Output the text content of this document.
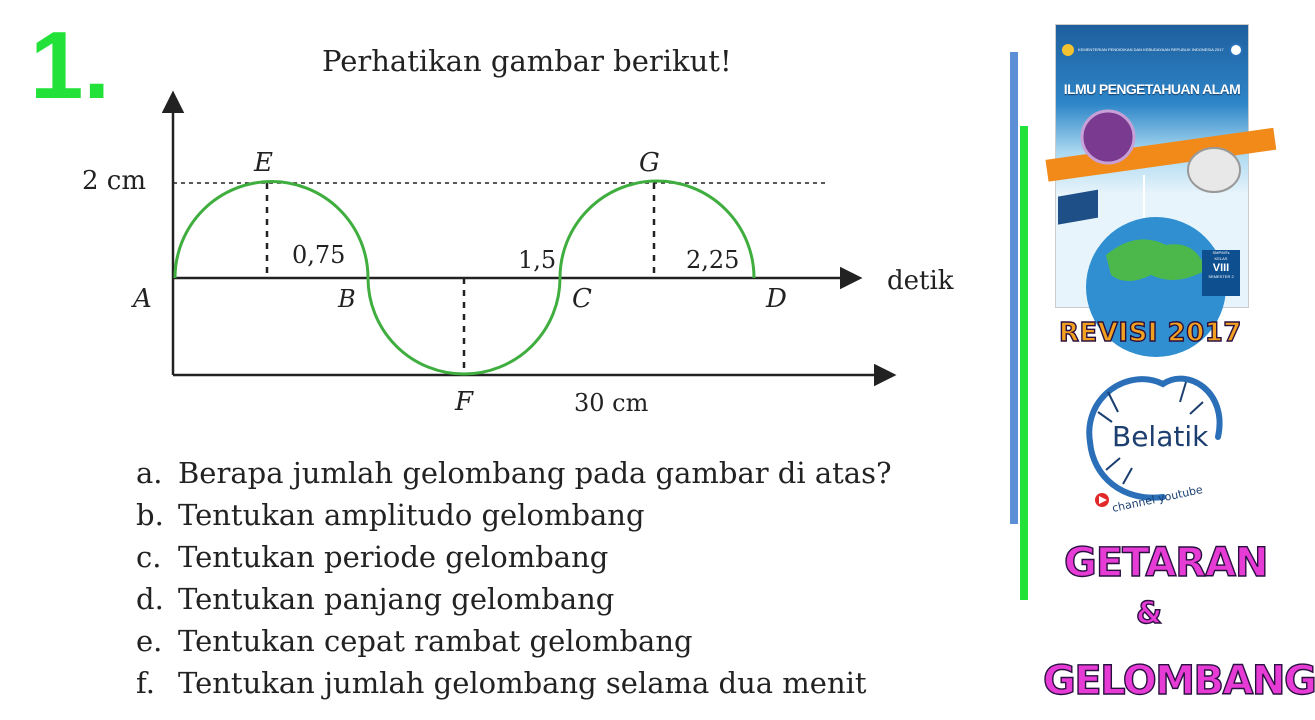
1.	Perhatikan gambar berikut!
2 cm
E	G
0,75	1,5	2,25
A	B	C	D
detik
F	30 cm
a. Berapa jumlah gelombang pada gambar di atas?
b. Tentukan amplitudo gelombang
c. Tentukan periode gelombang
d. Tentukan panjang gelombang
e. Tentukan cepat rambat gelombang
f. Tentukan jumlah gelombang selama dua menit
KEMENTERIAN PENDIDIKAN DAN KEBUDAYAAN REPUBLIK INDONESIA 2017
ILMU PENGETAHUAN ALAM
SMP/MTs
KELAS
VIII
SEMESTER 2
REVISI 2017
Belatik
channel youtube
GETARAN
&
GELOMBANG
